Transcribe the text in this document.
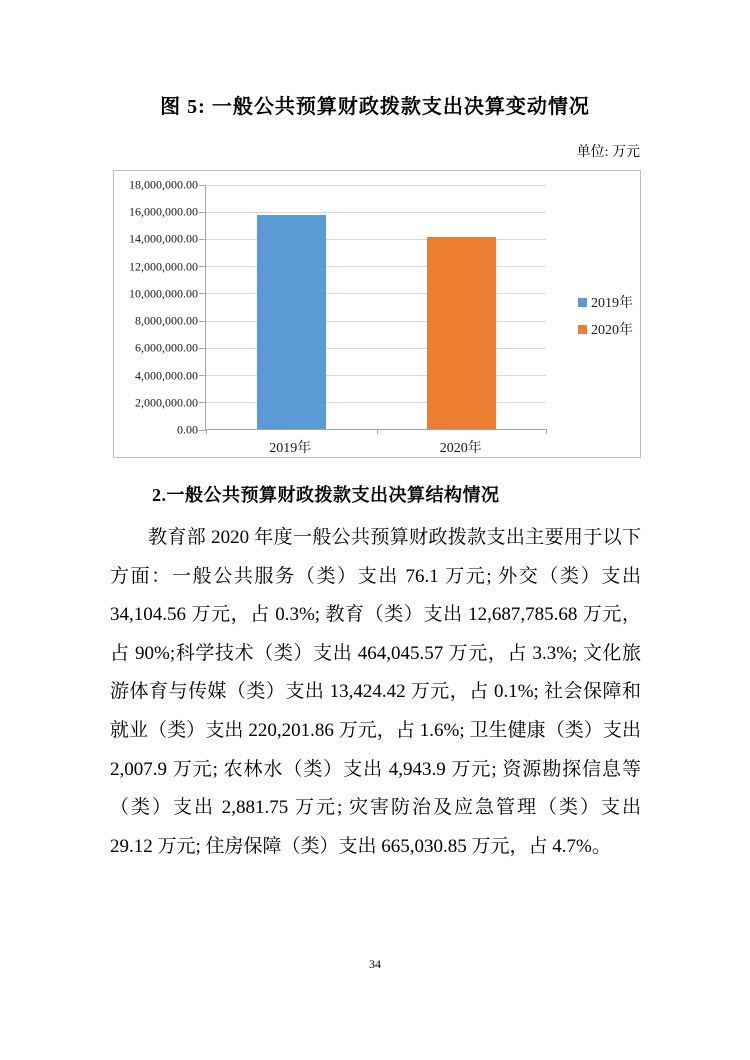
图 5: 一般公共预算财政拨款支出决算变动情况
单位: 万元
0.00
2,000,000.00
4,000,000.00
6,000,000.00
8,000,000.00
10,000,000.00
12,000,000.00
14,000,000.00
16,000,000.00
18,000,000.00
2019年
2020年
2019年	2020年
2.一般公共预算财政拨款支出决算结构情况
教育部 2020 年度一般公共预算财政拨款支出主要用于以下方面：一般公共服务（类）支出 76.1 万元; 外交（类）支出 34,104.56 万元，占 0.3%; 教育（类）支出 12,687,785.68 万元，占 90%;科学技术（类）支出 464,045.57 万元，占 3.3%; 文化旅游体育与传媒（类）支出 13,424.42 万元，占 0.1%; 社会保障和就业（类）支出 220,201.86 万元，占 1.6%; 卫生健康（类）支出 2,007.9 万元; 农林水（类）支出 4,943.9 万元; 资源勘探信息等（类）支出 2,881.75 万元; 灾害防治及应急管理（类）支出 29.12 万元; 住房保障（类）支出 665,030.85 万元，占 4.7%。
34
